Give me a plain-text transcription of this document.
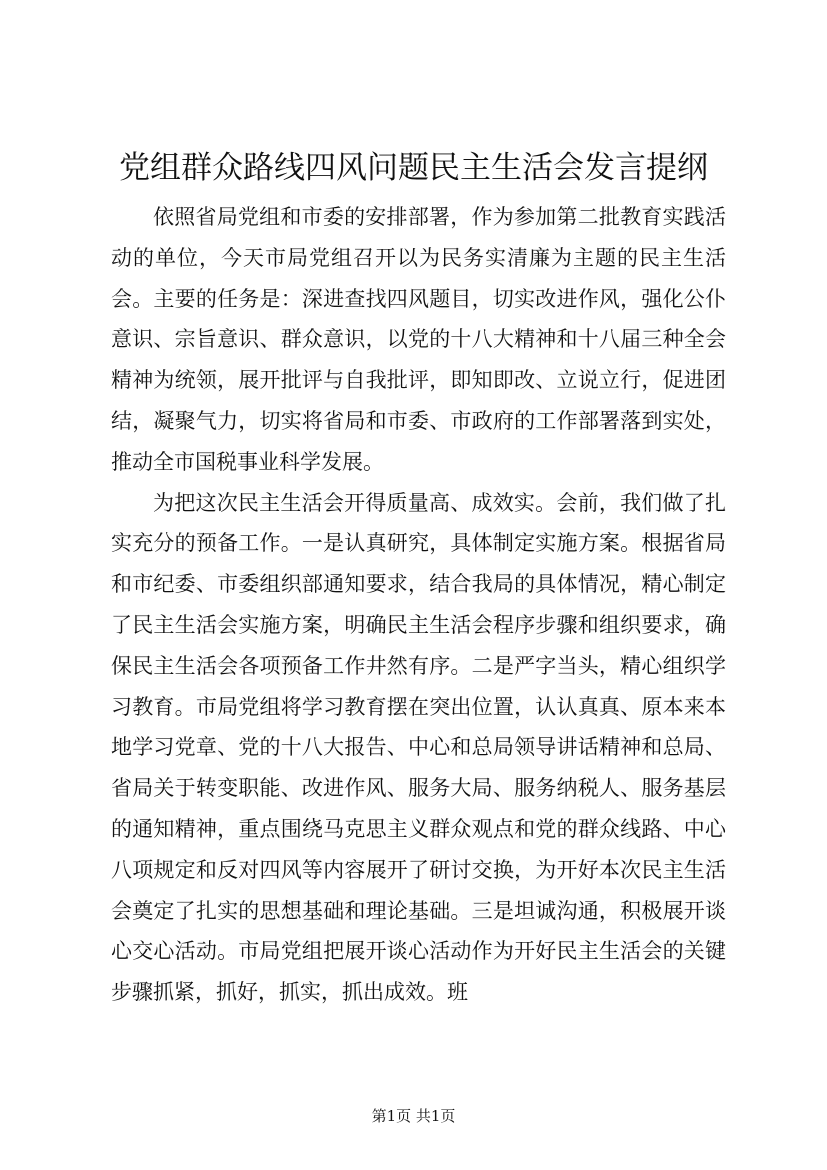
党组群众路线四风问题民主生活会发言提纲

依照省局党组和市委的安排部署，作为参加第二批教育实践活动的单位，今天市局党组召开以为民务实清廉为主题的民主生活会。主要的任务是：深进查找四风题目，切实改进作风，强化公仆意识、宗旨意识、群众意识，以党的十八大精神和十八届三种全会精神为统领，展开批评与自我批评，即知即改、立说立行，促进团结，凝聚气力，切实将省局和市委、市政府的工作部署落到实处，推动全市国税事业科学发展。

为把这次民主生活会开得质量高、成效实。会前，我们做了扎实充分的预备工作。一是认真研究，具体制定实施方案。根据省局和市纪委、市委组织部通知要求，结合我局的具体情况，精心制定了民主生活会实施方案，明确民主生活会程序步骤和组织要求，确保民主生活会各项预备工作井然有序。二是严字当头，精心组织学习教育。市局党组将学习教育摆在突出位置，认认真真、原本来本地学习党章、党的十八大报告、中心和总局领导讲话精神和总局、省局关于转变职能、改进作风、服务大局、服务纳税人、服务基层的通知精神，重点围绕马克思主义群众观点和党的群众线路、中心八项规定和反对四风等内容展开了研讨交换，为开好本次民主生活会奠定了扎实的思想基础和理论基础。三是坦诚沟通，积极展开谈心交心活动。市局党组把展开谈心活动作为开好民主生活会的关键步骤抓紧，抓好，抓实，抓出成效。班

第1页 共1页
